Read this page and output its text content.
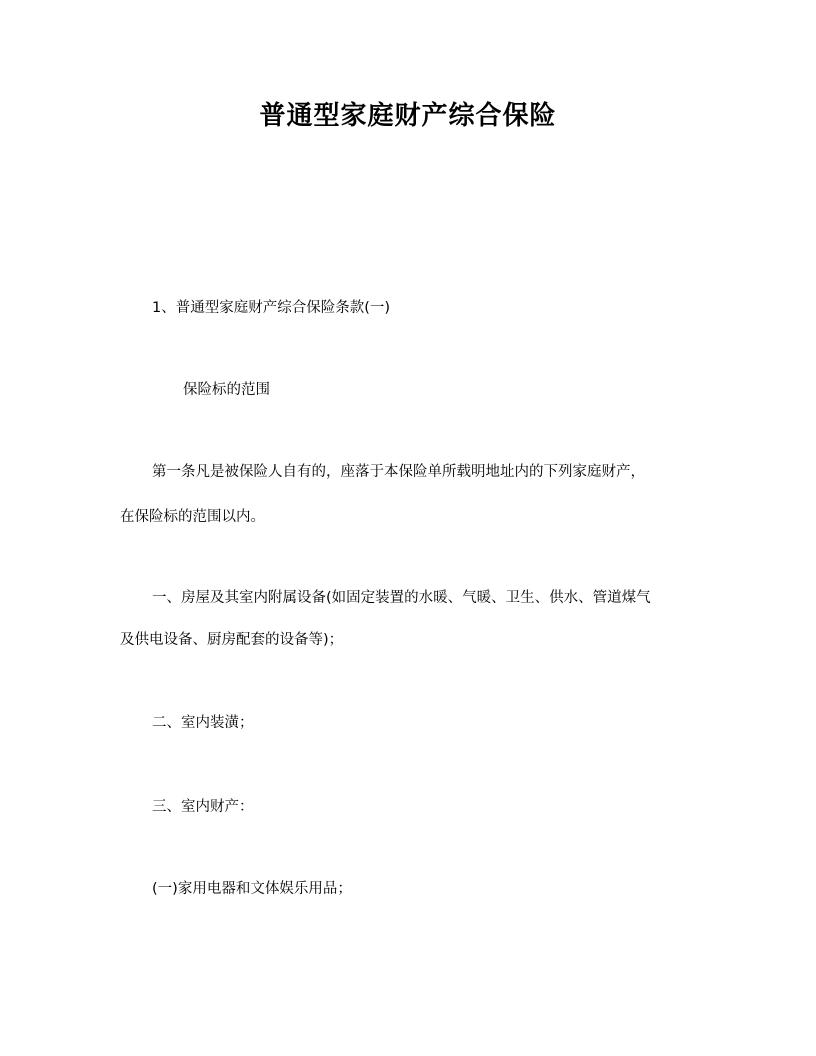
普通型家庭财产综合保险
1、普通型家庭财产综合保险条款(一)
保险标的范围
第一条凡是被保险人自有的，座落于本保险单所载明地址内的下列家庭财产，
在保险标的范围以内。
一、房屋及其室内附属设备(如固定装置的水暖、气暖、卫生、供水、管道煤气
及供电设备、厨房配套的设备等)；
二、室内装潢；
三、室内财产：
(一)家用电器和文体娱乐用品；
